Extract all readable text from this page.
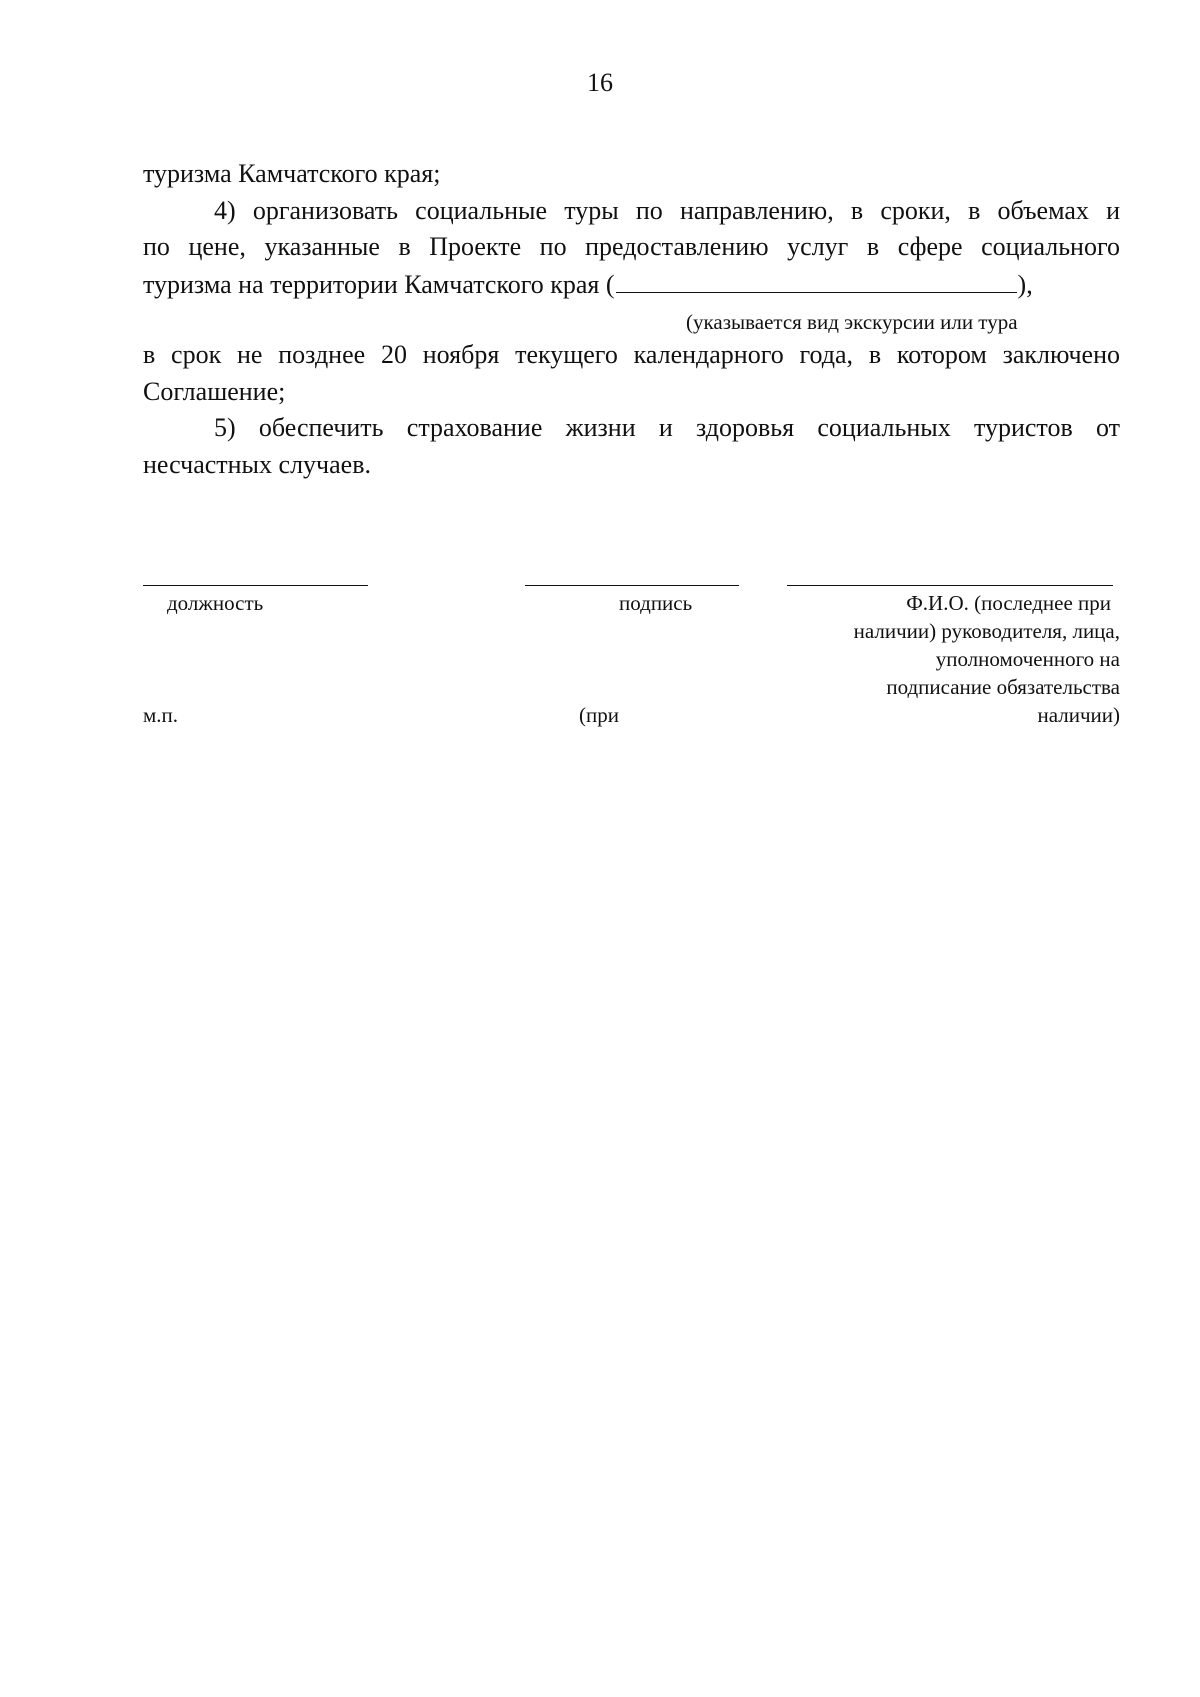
16
туризма Камчатского края;
4) организовать социальные туры по направлению, в сроки, в объемах и
по цене, указанные в Проекте по предоставлению услуг в сфере социального
туризма на территории Камчатского края (	),
(указывается вид экскурсии или тура
в срок не позднее 20 ноября текущего календарного года, в котором заключено
Соглашение;
5) обеспечить страхование жизни и здоровья социальных туристов от
несчастных случаев.
должность	подпись	Ф.И.О. (последнее при
наличии) руководителя, лица,
уполномоченного на
подписание обязательства
наличии)
м.п.	(при
